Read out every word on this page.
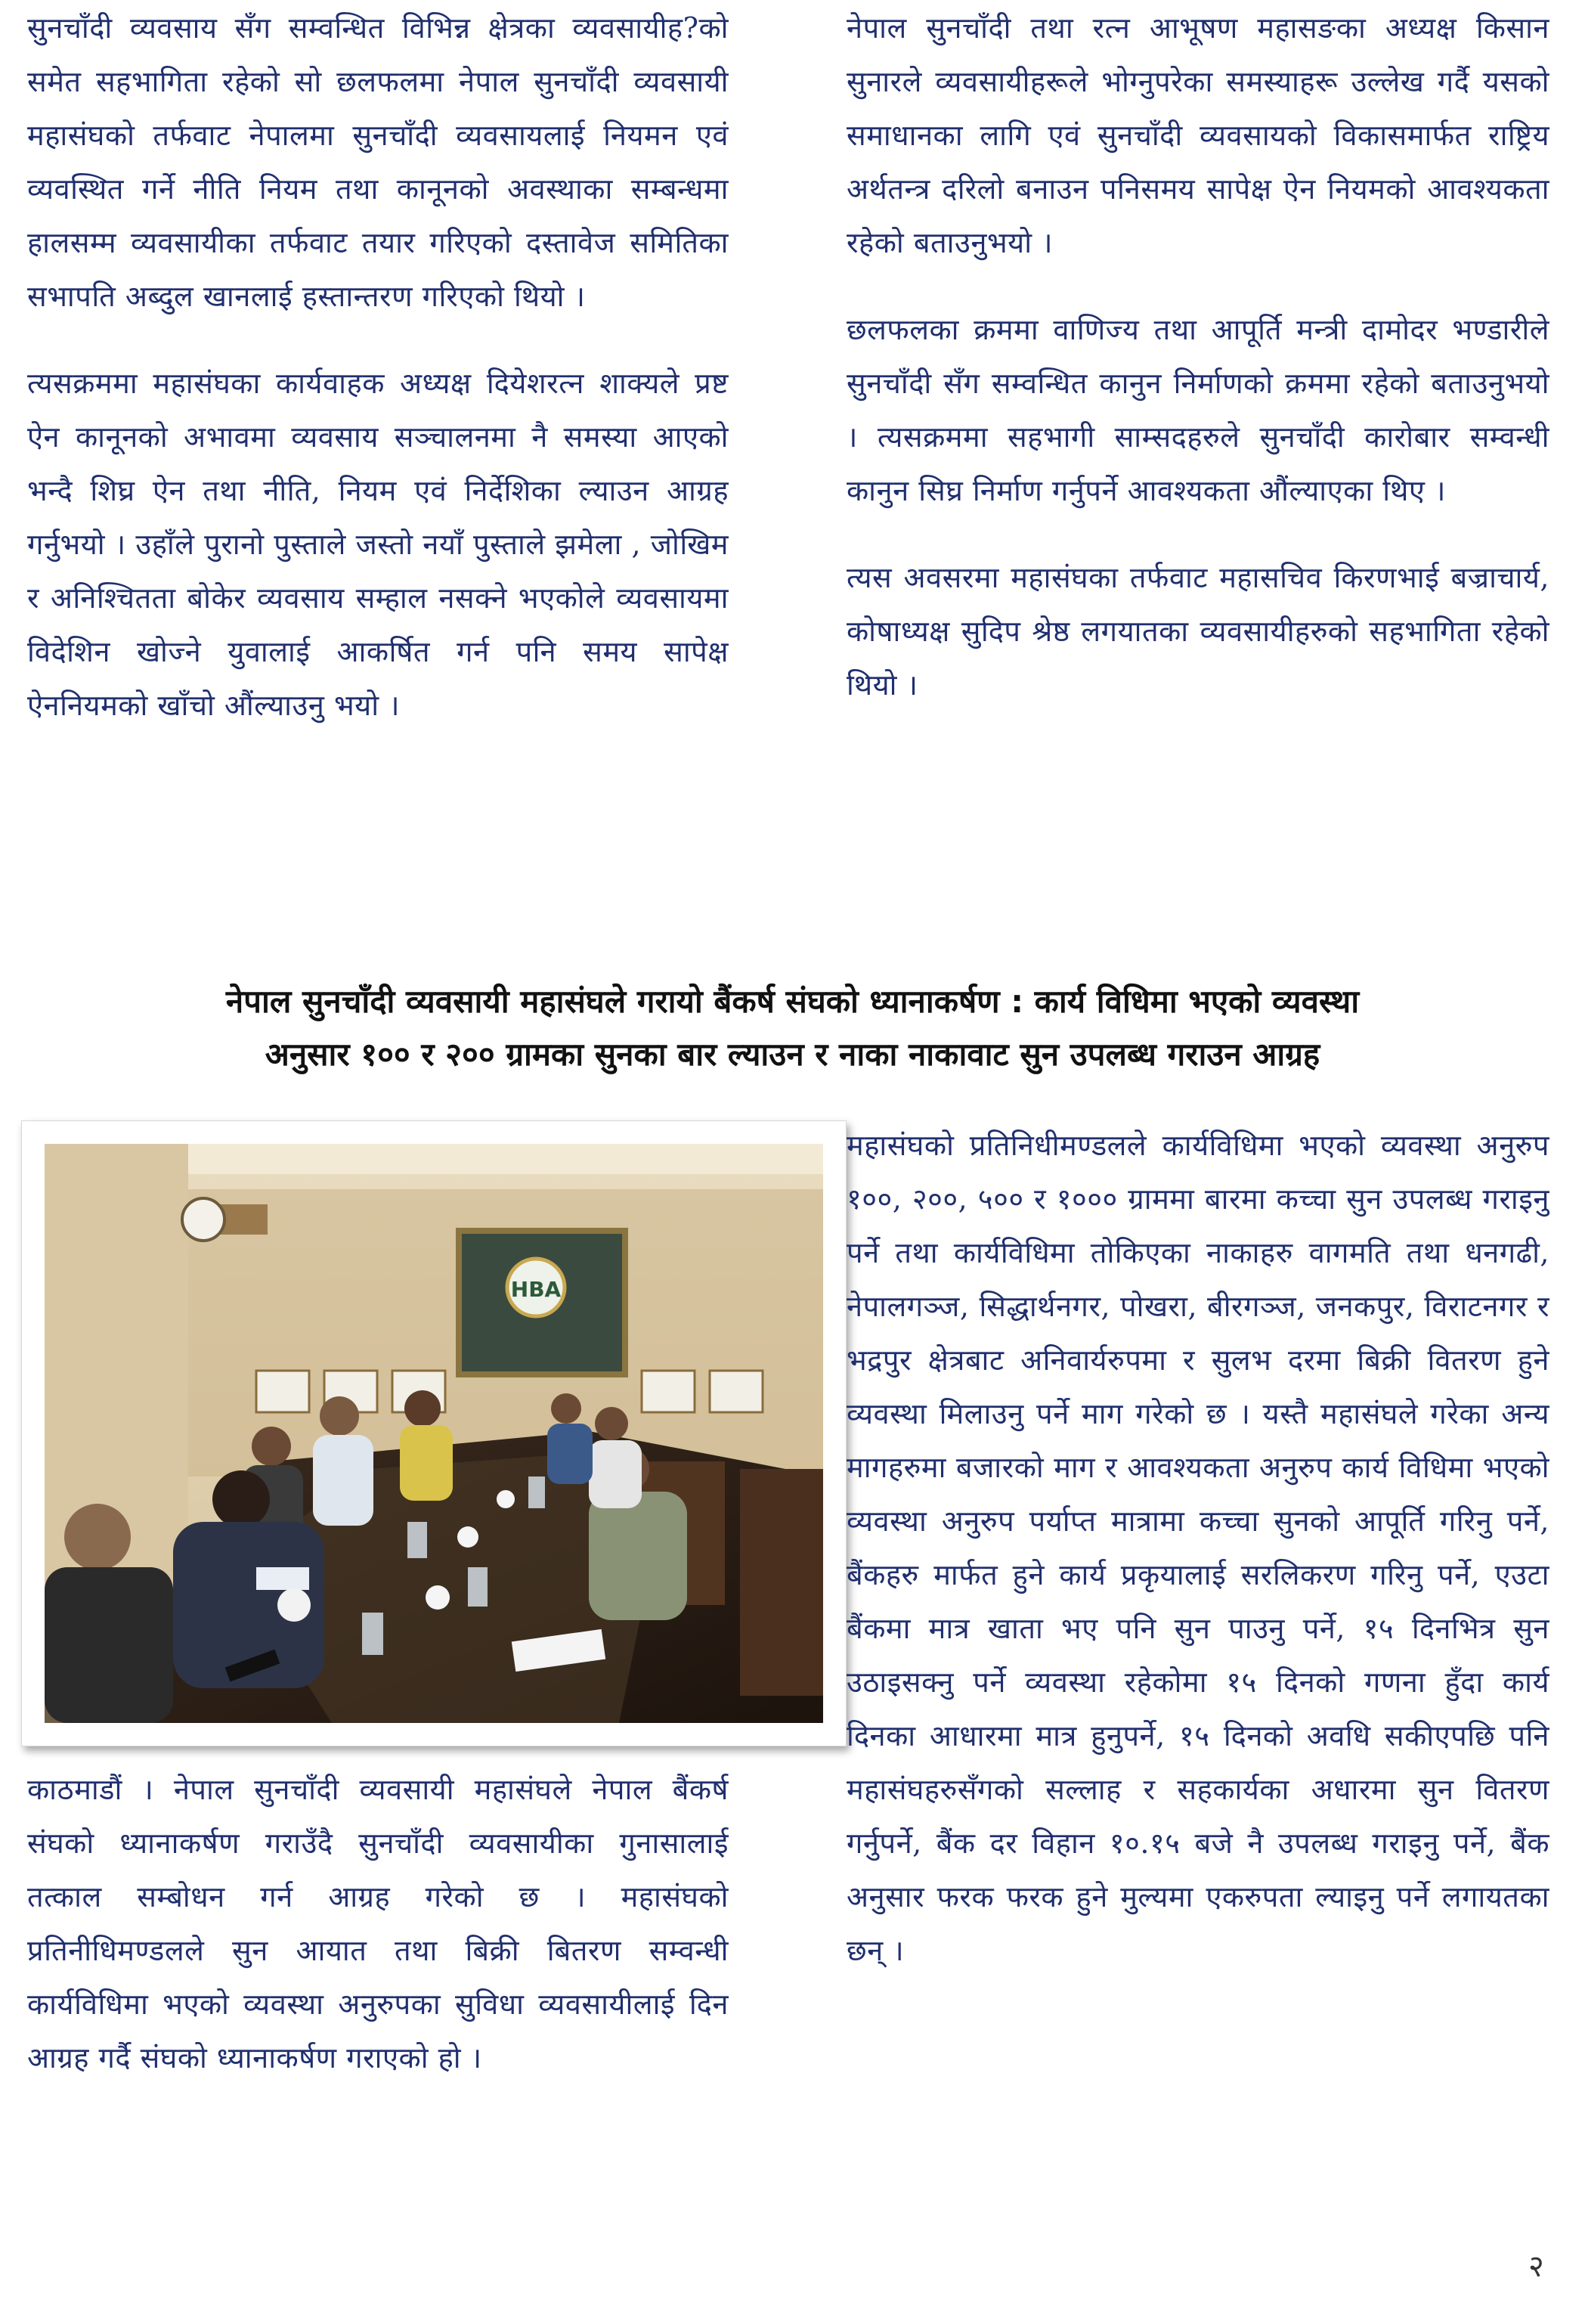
सुनचाँदी व्यवसाय सँग सम्वन्धित विभिन्न क्षेत्रका व्यवसायीह?को समेत सहभागिता रहेको सो छलफलमा नेपाल सुनचाँदी व्यवसायी महासंघको तर्फवाट नेपालमा सुनचाँदी व्यवसायलाई नियमन एवं व्यवस्थित गर्ने नीति नियम तथा कानूनको अवस्थाका सम्बन्धमा हालसम्म व्यवसायीका तर्फवाट तयार गरिएको दस्तावेज समितिका सभापति अब्दुल खानलाई हस्तान्तरण गरिएको थियो ।

त्यसक्रममा महासंघका कार्यवाहक अध्यक्ष दियेशरत्न शाक्यले प्रष्ट ऐन कानूनको अभावमा व्यवसाय सञ्चालनमा नै समस्या आएको भन्दै शिघ्र ऐन तथा नीति, नियम एवं निर्देशिका ल्याउन आग्रह गर्नुभयो । उहाँले पुरानो पुस्ताले जस्तो नयाँ पुस्ताले झमेला , जोखिम र अनिश्चितता बोकेर व्यवसाय सम्हाल नसक्ने भएकोले व्यवसायमा विदेशिन खोज्ने युवालाई आकर्षित गर्न पनि समय सापेक्ष ऐननियमको खाँचो औंल्याउनु भयो ।

नेपाल सुनचाँदी तथा रत्न आभूषण महासङका अध्यक्ष किसान सुनारले व्यवसायीहरूले भोग्नुपरेका समस्याहरू उल्लेख गर्दै यसको समाधानका लागि एवं सुनचाँदी व्यवसायको विकासमार्फत राष्ट्रिय अर्थतन्त्र दरिलो बनाउन पनिसमय सापेक्ष ऐन नियमको आवश्यकता रहेको बताउनुभयो ।

छलफलका क्रममा वाणिज्य तथा आपूर्ति मन्त्री दामोदर भण्डारीले सुनचाँदी सँग सम्वन्धित कानुन निर्माणको क्रममा रहेको बताउनुभयो । त्यसक्रममा सहभागी साम्सदहरुले सुनचाँदी कारोबार सम्वन्धी कानुन सिघ्र निर्माण गर्नुपर्ने आवश्यकता औंल्याएका थिए ।

त्यस अवसरमा महासंघका तर्फवाट महासचिव किरणभाई बज्राचार्य, कोषाध्यक्ष सुदिप श्रेष्ठ लगयातका व्यवसायीहरुको सहभागिता रहेको थियो ।

नेपाल सुनचाँदी व्यवसायी महासंघले गरायो बैंकर्ष संघको ध्यानाकर्षण : कार्य विधिमा भएको व्यवस्था
अनुसार १०० र २०० ग्रामका सुनका बार ल्याउन र नाका नाकावाट सुन उपलब्ध गराउन आग्रह
HBA

महासंघको प्रतिनिधीमण्डलले कार्यविधिमा भएको व्यवस्था अनुरुप १००, २००, ५०० र १००० ग्राममा बारमा कच्चा सुन उपलब्ध गराइनु पर्ने तथा कार्यविधिमा तोकिएका नाकाहरु वागमति तथा धनगढी, नेपालगञ्ज, सिद्धार्थनगर, पोखरा, बीरगञ्ज, जनकपुर, विराटनगर र भद्रपुर क्षेत्रबाट अनिवार्यरुपमा र सुलभ दरमा बिक्री वितरण हुने व्यवस्था मिलाउनु पर्ने माग गरेको छ । यस्तै महासंघले गरेका अन्य मागहरुमा बजारको माग र आवश्यकता अनुरुप कार्य विधिमा भएको व्यवस्था अनुरुप पर्याप्त मात्रामा कच्चा सुनको आपूर्ति गरिनु पर्ने, बैंकहरु मार्फत हुने कार्य प्रकृयालाई सरलिकरण गरिनु पर्ने, एउटा बैंकमा मात्र खाता भए पनि सुन पाउनु पर्ने, १५ दिनभित्र सुन उठाइसक्नु पर्ने व्यवस्था रहेकोमा १५ दिनको गणना हुँदा कार्य दिनका आधारमा मात्र हुनुपर्ने, १५ दिनको अवधि सकीएपछि पनि महासंघहरुसँगको सल्लाह र सहकार्यका अधारमा सुन वितरण गर्नुपर्ने, बैंक दर विहान १०.१५ बजे नै उपलब्ध गराइनु पर्ने, बैंक अनुसार फरक फरक हुने मुल्यमा एकरुपता ल्याइनु पर्ने लगायतका छन् ।

काठमाडौं । नेपाल सुनचाँदी व्यवसायी महासंघले नेपाल बैंकर्ष संघको ध्यानाकर्षण गराउँदै सुनचाँदी व्यवसायीका गुनासालाई तत्काल सम्बोधन गर्न आग्रह गरेको छ । महासंघको प्रतिनीधिमण्डलले सुन आयात तथा बिक्री बितरण सम्वन्धी कार्यविधिमा भएको व्यवस्था अनुरुपका सुविधा व्यवसायीलाई दिन आग्रह गर्दै संघको ध्यानाकर्षण गराएको हो ।

२
